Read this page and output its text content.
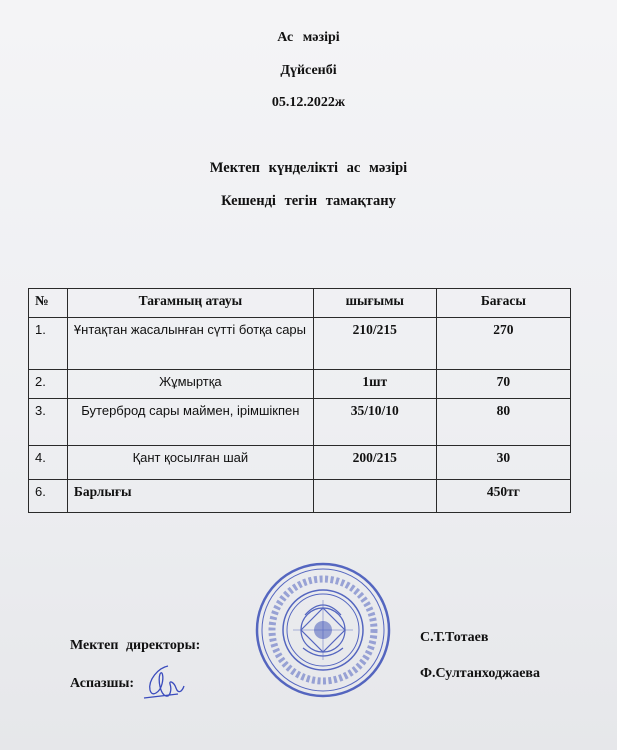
Ас мәзірі
Дүйсенбі
05.12.2022ж
Мектеп күнделікті ас мәзірі
Кешенді тегін тамақтану
№	Тағамның атауы	шығымы	Бағасы
1.	Ұнтақтан жасалынған сүтті ботқа сары	210/215	270
2.	Жұмыртқа	1шт	70
3.	Бутерброд сары маймен, ірімшікпен	35/10/10	80
4.	Қант қосылған шай	200/215	30
6.	Барлығы		450тг
Мектеп директоры:
Аспазшы:
С.Т.Тотаев
Ф.Султанходжаева
